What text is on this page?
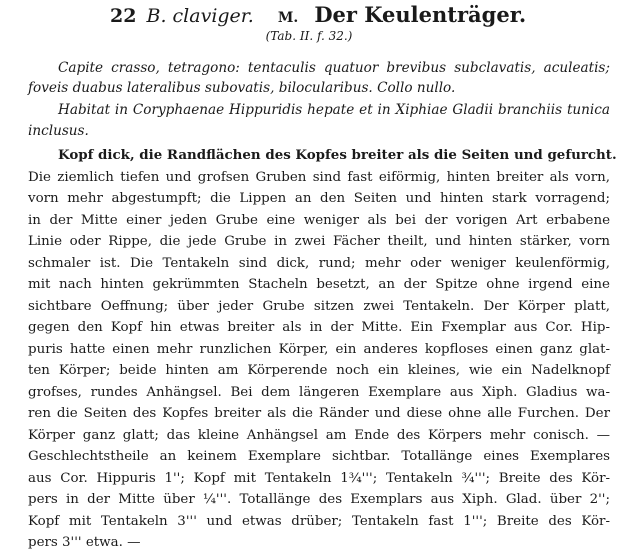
22 B. claviger. M. Der Keulenträger.
(Tab. II. f. 32.)
Capite crasso, tetragono: tentaculis quatuor brevibus subclavatis, aculeatis; foveis duabus lateralibus subovatis, bilocularibus. Collo nullo.
Habitat in Coryphaenae Hippuridis hepate et in Xiphiae Gladii branchiis tunica inclusus.
Kopf dick, die Randflächen des Kopfes breiter als die Seiten und gefurcht.
Die ziemlich tiefen und grofsen Gruben sind fast eiförmig, hinten breiter als vorn,
vorn mehr abgestumpft; die Lippen an den Seiten und hinten stark vorragend;
in der Mitte einer jeden Grube eine weniger als bei der vorigen Art erbabene
Linie oder Rippe, die jede Grube in zwei Fächer theilt, und hinten stärker, vorn
schmaler ist. Die Tentakeln sind dick, rund; mehr oder weniger keulenförmig,
mit nach hinten gekrümmten Stacheln besetzt, an der Spitze ohne irgend eine
sichtbare Oeffnung; über jeder Grube sitzen zwei Tentakeln. Der Körper platt,
gegen den Kopf hin etwas breiter als in der Mitte. Ein Fxemplar aus Cor. Hip-
puris hatte einen mehr runzlichen Körper, ein anderes kopfloses einen ganz glat-
ten Körper; beide hinten am Körperende noch ein kleines, wie ein Nadelknopf
grofses, rundes Anhängsel. Bei dem längeren Exemplare aus Xiph. Gladius wa-
ren die Seiten des Kopfes breiter als die Ränder und diese ohne alle Furchen. Der
Körper ganz glatt; das kleine Anhängsel am Ende des Körpers mehr conisch. —
Geschlechtstheile an keinem Exemplare sichtbar. Totallänge eines Exemplares
aus Cor. Hippuris 1''; Kopf mit Tentakeln 1¾'''; Tentakeln ¾'''; Breite des Kör-
pers in der Mitte über ¼'''. Totallänge des Exemplars aus Xiph. Glad. über 2'';
Kopf mit Tentakeln 3''' und etwas drüber; Tentakeln fast 1'''; Breite des Kör-
pers 3''' etwa. —
